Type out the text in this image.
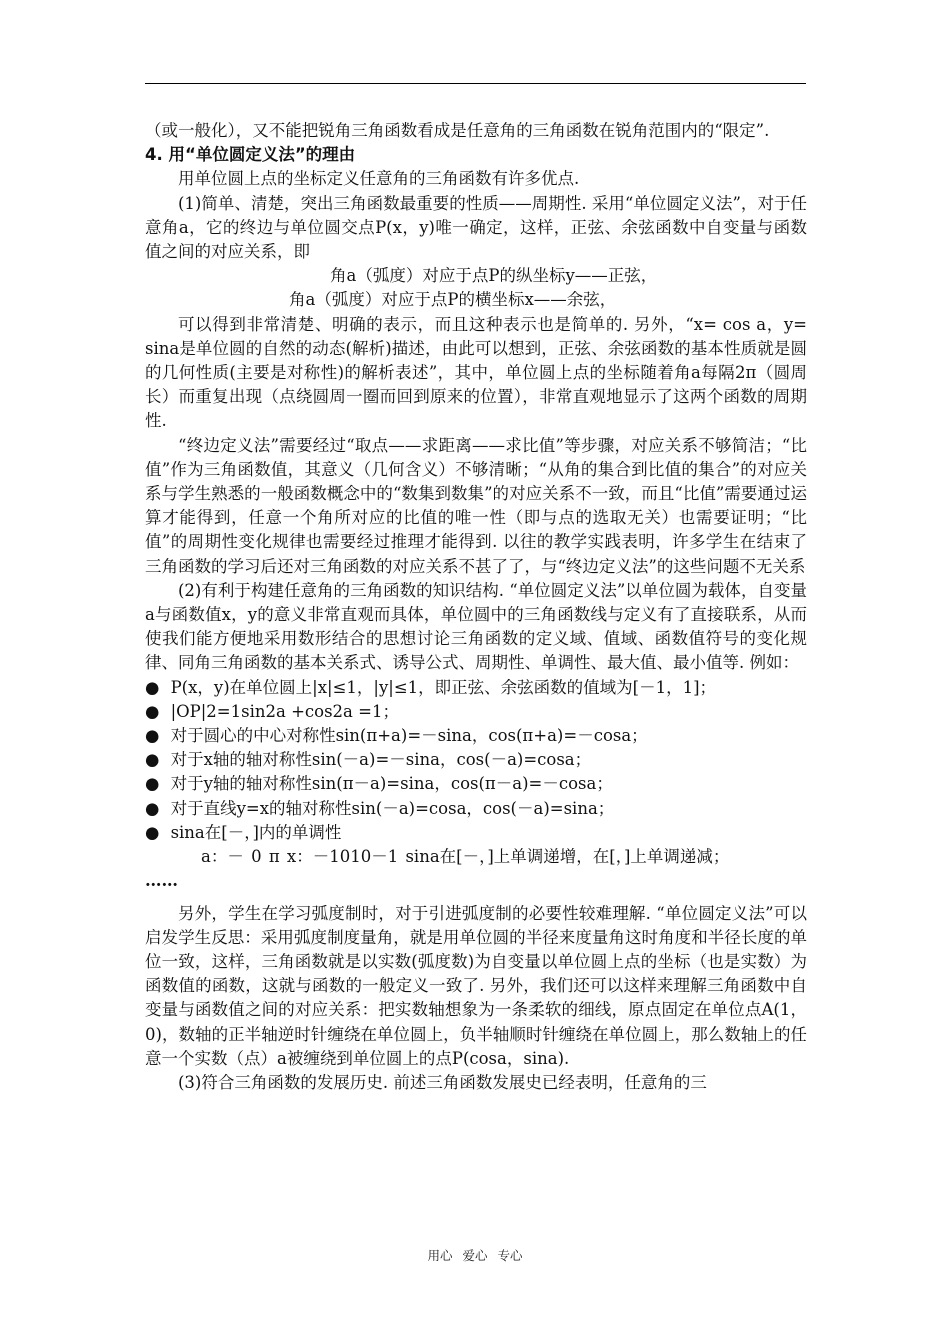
（或一般化），又不能把锐角三角函数看成是任意角的三角函数在锐角范围内的“限定”.

4. 用“单位圆定义法”的理由

用单位圆上点的坐标定义任意角的三角函数有许多优点.

(1)简单、清楚，突出三角函数最重要的性质——周期性. 采用“单位圆定义法”，对于任意角a，它的终边与单位圆交点P(x，y)唯一确定，这样，正弦、余弦函数中自变量与函数值之间的对应关系，即

角a（弧度）对应于点P的纵坐标y——正弦，

角a（弧度）对应于点P的横坐标x——余弦，

可以得到非常清楚、明确的表示，而且这种表示也是简单的. 另外，“x= cos a，y= sina是单位圆的自然的动态(解析)描述，由此可以想到，正弦、余弦函数的基本性质就是圆的几何性质(主要是对称性)的解析表述”，其中，单位圆上点的坐标随着角a每隔2π（圆周长）而重复出现（点绕圆周一圈而回到原来的位置），非常直观地显示了这两个函数的周期性.

“终边定义法”需要经过“取点——求距离——求比值”等步骤，对应关系不够简洁；“比值”作为三角函数值，其意义（几何含义）不够清晰；“从角的集合到比值的集合”的对应关系与学生熟悉的一般函数概念中的“数集到数集”的对应关系不一致，而且“比值”需要通过运算才能得到，任意一个角所对应的比值的唯一性（即与点的选取无关）也需要证明；“比值”的周期性变化规律也需要经过推理才能得到. 以往的教学实践表明，许多学生在结束了三角函数的学习后还对三角函数的对应关系不甚了了，与“终边定义法”的这些问题不无关系

(2)有利于构建任意角的三角函数的知识结构. “单位圆定义法”以单位圆为载体，自变量a与函数值x，y的意义非常直观而具体，单位圆中的三角函数线与定义有了直接联系，从而使我们能方便地采用数形结合的思想讨论三角函数的定义域、值域、函数值符号的变化规律、同角三角函数的基本关系式、诱导公式、周期性、单调性、最大值、最小值等. 例如：

● P(x，y)在单位圆上|x|≤1，|y|≤1，即正弦、余弦函数的值域为[－1，1]；

● |OP|2=1sin2a +cos2a =1；

● 对于圆心的中心对称性sin(π+a)=－sina，cos(π+a)=－cosa；

● 对于x轴的轴对称性sin(－a)=－sina，cos(－a)=cosa；

● 对于y轴的轴对称性sin(π－a)=sina，cos(π－a)=－cosa；

● 对于直线y=x的轴对称性sin(－a)=cosa，cos(－a)=sina；

● sina在[－，]内的单调性

a：－ 0 π x：－1010－1 sina在[－，]上单调递增，在[，]上单调递减；

……

另外，学生在学习弧度制时，对于引进弧度制的必要性较难理解. “单位圆定义法”可以启发学生反思：采用弧度制度量角，就是用单位圆的半径来度量角这时角度和半径长度的单位一致，这样，三角函数就是以实数(弧度数)为自变量以单位圆上点的坐标（也是实数）为函数值的函数，这就与函数的一般定义一致了. 另外，我们还可以这样来理解三角函数中自变量与函数值之间的对应关系：把实数轴想象为一条柔软的细线，原点固定在单位点A(1，0)，数轴的正半轴逆时针缠绕在单位圆上，负半轴顺时针缠绕在单位圆上，那么数轴上的任意一个实数（点）a被缠绕到单位圆上的点P(cosa，sina).

(3)符合三角函数的发展历史. 前述三角函数发展史已经表明，任意角的三

用心 爱心 专心
